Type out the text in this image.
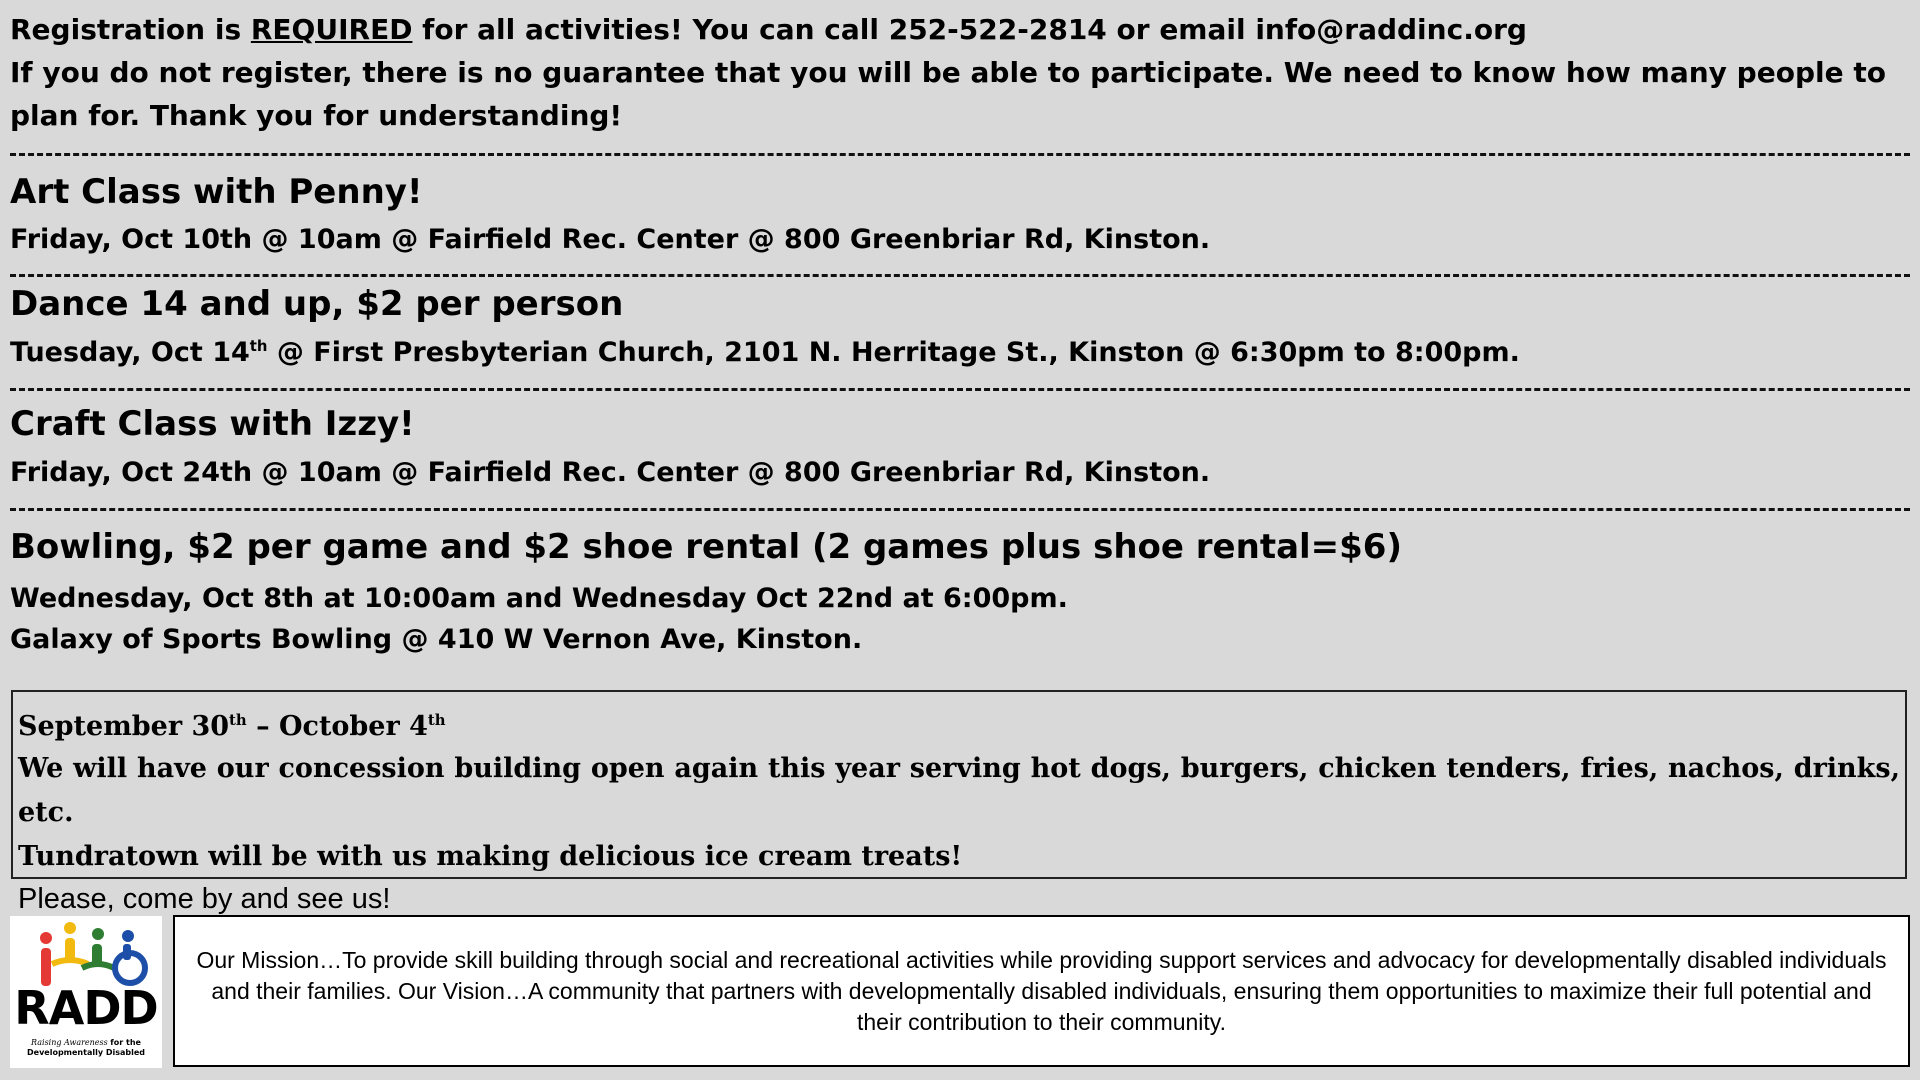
Registration is REQUIRED for all activities! You can call 252-522-2814 or email info@raddinc.org

If you do not register, there is no guarantee that you will be able to participate. We need to know how many people to plan for. Thank you for understanding!

Art Class with Penny!
Friday, Oct 10th @ 10am @ Fairfield Rec. Center @ 800 Greenbriar Rd, Kinston.
Dance 14 and up, $2 per person
Tuesday, Oct 14th @ First Presbyterian Church, 2101 N. Herritage St., Kinston @ 6:30pm to 8:00pm.
Craft Class with Izzy!
Friday, Oct 24th @ 10am @ Fairfield Rec. Center @ 800 Greenbriar Rd, Kinston.
Bowling, $2 per game and $2 shoe rental (2 games plus shoe rental=$6)
Wednesday, Oct 8th at 10:00am and Wednesday Oct 22nd at 6:00pm.
Galaxy of Sports Bowling @ 410 W Vernon Ave, Kinston.
September 30th – October 4th
We will have our concession building open again this year serving hot dogs, burgers, chicken tenders, fries, nachos, drinks, etc.
Tundratown will be with us making delicious ice cream treats!
Please, come by and see us!
RADD
Raising Awareness for the
Developmentally Disabled
Our Mission…To provide skill building through social and recreational activities while providing support services and advocacy for developmentally disabled individuals and their families. Our Vision…A community that partners with developmentally disabled individuals, ensuring them opportunities to maximize their full potential and their contribution to their community.
